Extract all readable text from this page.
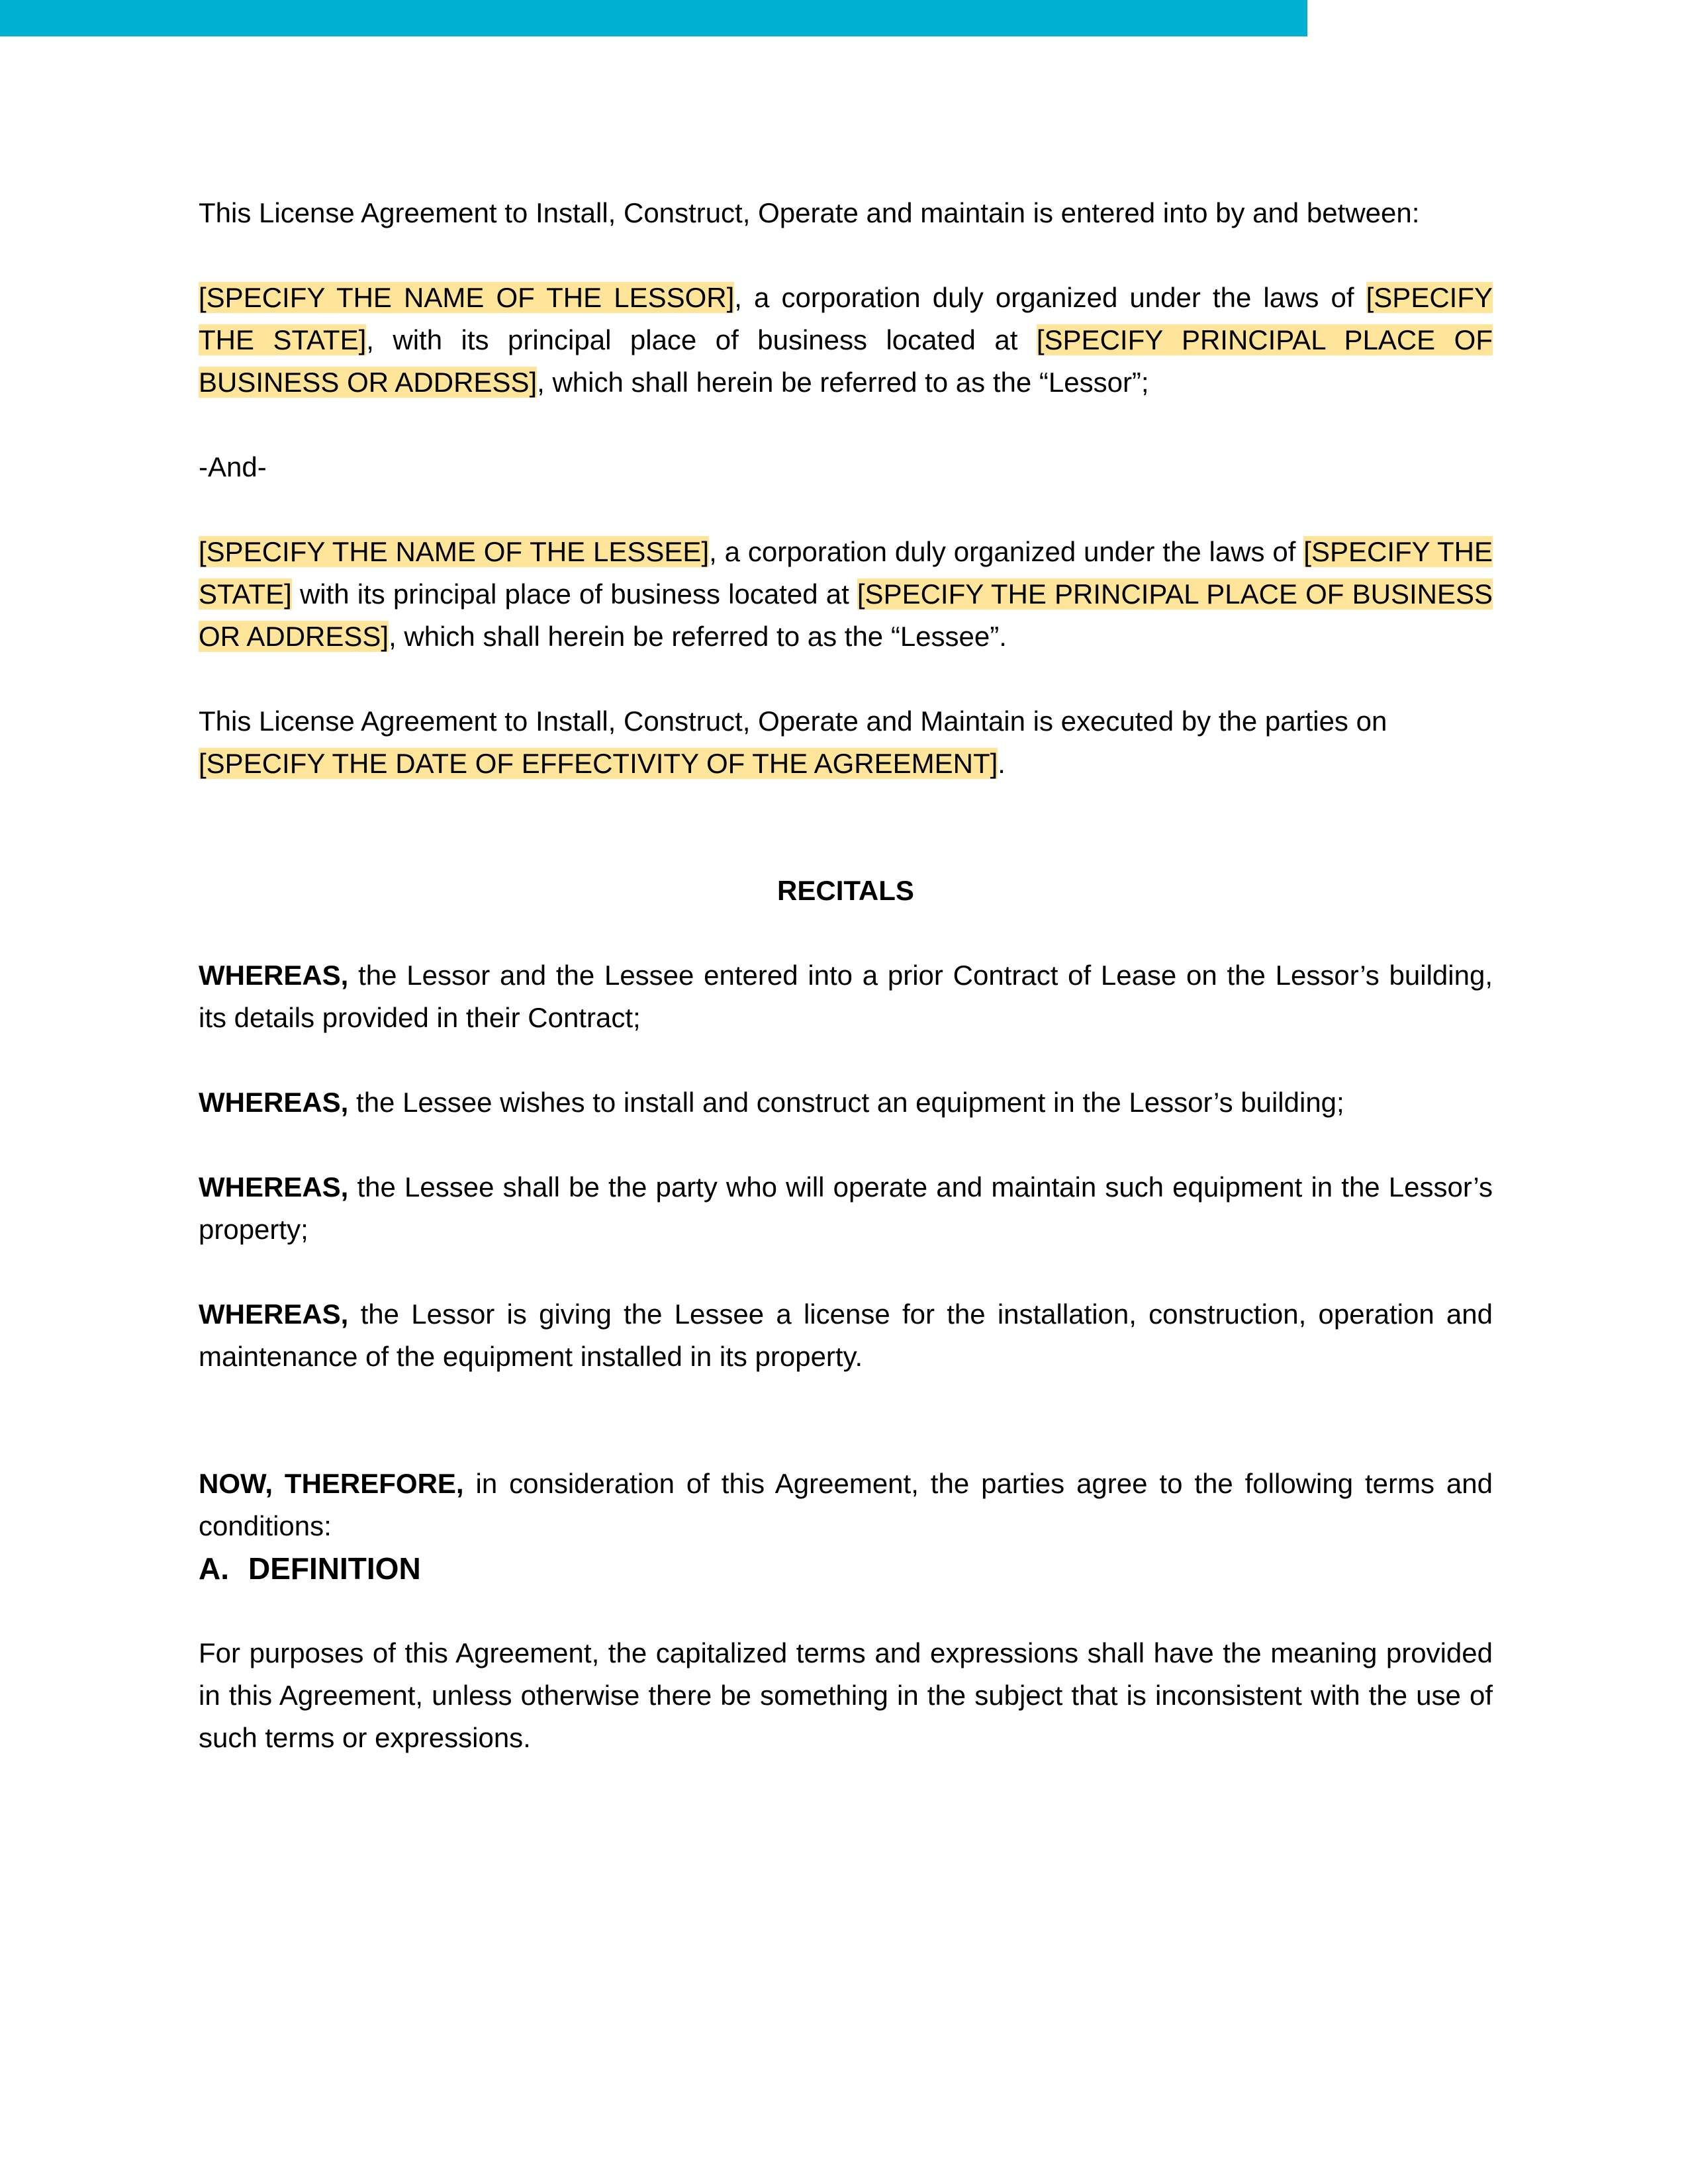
This License Agreement to Install, Construct, Operate and maintain is entered into by and between:

[SPECIFY THE NAME OF THE LESSOR], a corporation duly organized under the laws of [SPECIFY THE STATE], with its principal place of business located at [SPECIFY PRINCIPAL PLACE OF BUSINESS OR ADDRESS], which shall herein be referred to as the “Lessor”;

-And-

[SPECIFY THE NAME OF THE LESSEE], a corporation duly organized under the laws of [SPECIFY THE STATE] with its principal place of business located at [SPECIFY THE PRINCIPAL PLACE OF BUSINESS OR ADDRESS], which shall herein be referred to as the “Lessee”.

This License Agreement to Install, Construct, Operate and Maintain is executed by the parties on [SPECIFY THE DATE OF EFFECTIVITY OF THE AGREEMENT].

RECITALS

WHEREAS, the Lessor and the Lessee entered into a prior Contract of Lease on the Lessor’s building, its details provided in their Contract;

WHEREAS, the Lessee wishes to install and construct an equipment in the Lessor’s building;

WHEREAS, the Lessee shall be the party who will operate and maintain such equipment in the Lessor’s property;

WHEREAS, the Lessor is giving the Lessee a license for the installation, construction, operation and maintenance of the equipment installed in its property.

NOW, THEREFORE, in consideration of this Agreement, the parties agree to the following terms and conditions:

A. DEFINITION

For purposes of this Agreement, the capitalized terms and expressions shall have the meaning provided in this Agreement, unless otherwise there be something in the subject that is inconsistent with the use of such terms or expressions.
